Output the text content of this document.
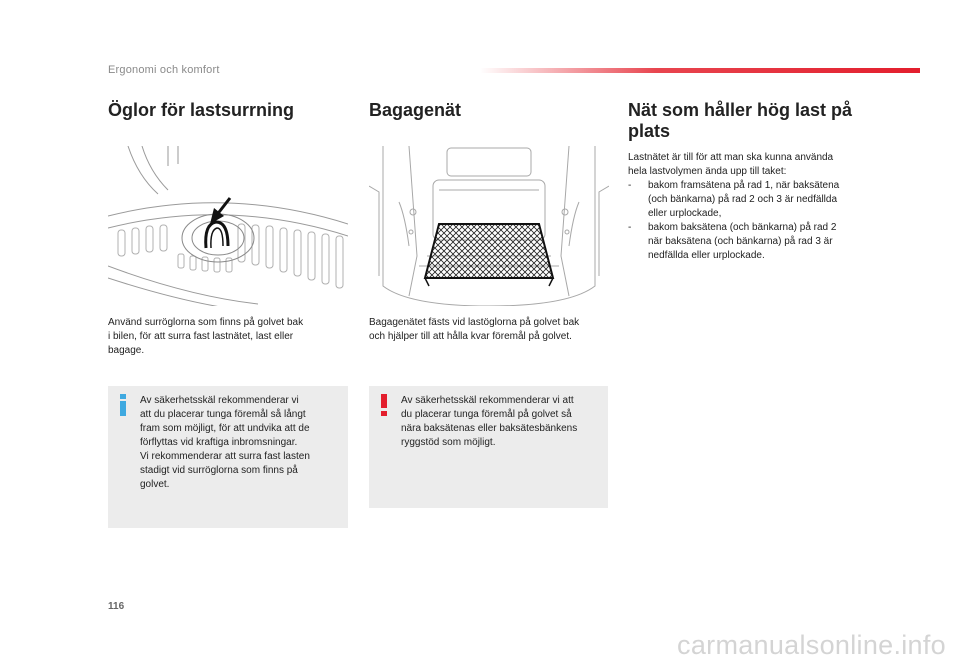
Ergonomi och komfort
Öglor för lastsurrning
Använd surröglorna som finns på golvet bak
i bilen, för att surra fast lastnätet, last eller
bagage.
Av säkerhetsskäl rekommenderar vi
att du placerar tunga föremål så långt
fram som möjligt, för att undvika att de
förflyttas vid kraftiga inbromsningar.
Vi rekommenderar att surra fast lasten
stadigt vid surröglorna som finns på
golvet.
Bagagenät
Bagagenätet fästs vid lastöglorna på golvet bak
och hjälper till att hålla kvar föremål på golvet.
Av säkerhetsskäl rekommenderar vi att
du placerar tunga föremål på golvet så
nära baksätenas eller baksätesbänkens
ryggstöd som möjligt.
Nät som håller hög last på
plats
Lastnätet är till för att man ska kunna använda
hela lastvolymen ända upp till taket:
- bakom framsätena på rad 1, när baksätena
(och bänkarna) på rad 2 och 3 är nedfällda
eller urplockade,
- bakom baksätena (och bänkarna) på rad 2
när baksätena (och bänkarna) på rad 3 är
nedfällda eller urplockade.
116
carmanualsonline.info
